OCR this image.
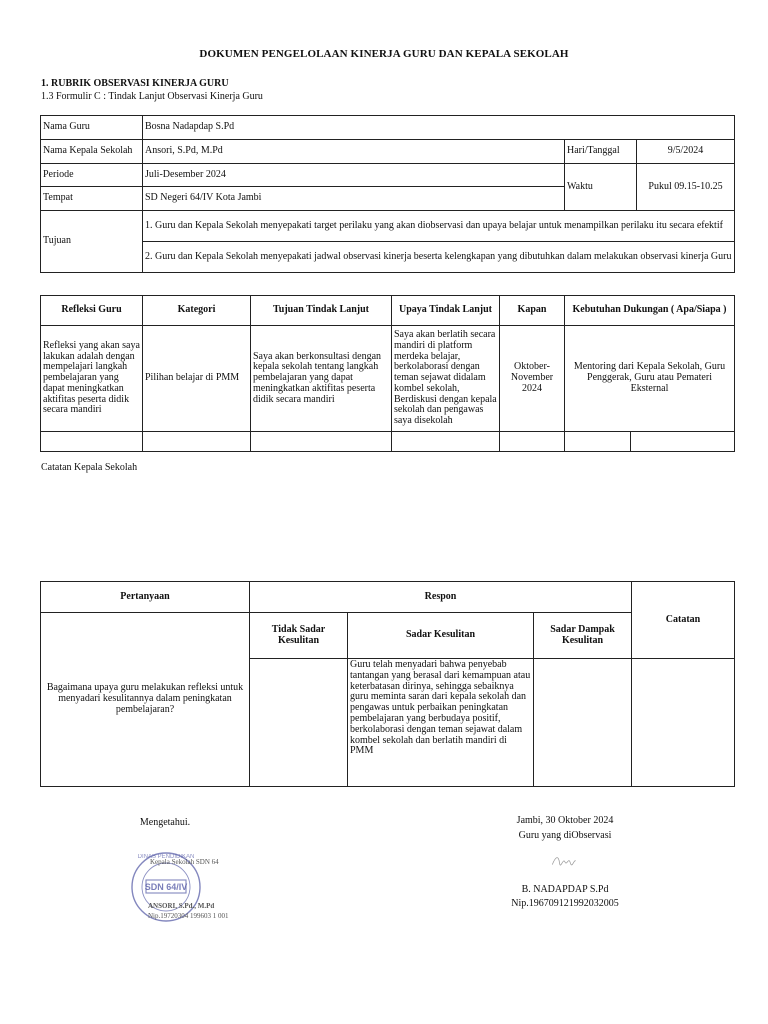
DOKUMEN PENGELOLAAN KINERJA GURU DAN KEPALA SEKOLAH
1. RUBRIK OBSERVASI KINERJA GURU
1.3 Formulir C : Tindak Lanjut Observasi Kinerja Guru
Nama Guru	Bosna Nadapdap S.Pd		
Nama Kepala Sekolah	Ansori, S.Pd, M.Pd	Hari/Tanggal	9/5/2024
Periode	Juli-Desember 2024	Waktu	Pukul 09.15-10.25
Tempat	SD Negeri 64/IV Kota Jambi		
Tujuan	1. Guru dan Kepala Sekolah menyepakati target perilaku yang akan diobservasi dan upaya belajar untuk menampilkan perilaku itu secara efektif		
	2. Guru dan Kepala Sekolah menyepakati jadwal observasi kinerja beserta kelengkapan yang dibutuhkan dalam melakukan observasi kinerja Guru		
Refleksi Guru	Kategori	Tujuan Tindak Lanjut	Upaya Tindak Lanjut	Kapan	Kebutuhan Dukungan ( Apa/Siapa )	
Refleksi yang akan saya lakukan adalah dengan mempelajari langkah pembelajaran yang dapat meningkatkan aktifitas peserta didik secara mandiri	Pilihan belajar di PMM	Saya akan berkonsultasi dengan kepala sekolah tentang langkah pembelajaran yang dapat meningkatkan aktifitas peserta didik secara mandiri	Saya akan berlatih secara mandiri di platform merdeka belajar, berkolaborasi dengan teman sejawat didalam kombel sekolah, Berdiskusi dengan kepala sekolah dan pengawas saya disekolah	Oktober-November 2024	Mentoring dari Kepala Sekolah, Guru Penggerak, Guru atau Pemateri Eksternal	

Catatan Kepala Sekolah
Pertanyaan	Respon			Catatan
Bagaimana upaya guru melakukan refleksi untuk menyadari kesulitannya dalam peningkatan pembelajaran?	Tidak Sadar Kesulitan	Sadar Kesulitan	Sadar Dampak Kesulitan	
		Guru telah menyadari bahwa penyebab tantangan yang berasal dari kemampuan atau keterbatasan dirinya, sehingga sebaiknya guru meminta saran dari kepala sekolah dan pengawas untuk perbaikan peningkatan pembelajaran yang berbudaya positif, berkolaborasi dengan teman sejawat dalam kombel sekolah dan berlatih mandiri di PMM		
Mengetahui.
SDN 64/IV
DINAS PENDIDIKAN
Kepala Sekolah SDN 64
ANSORI, S.Pd., M.Pd
Nip.19720304 199603 1 001
Jambi, 30 Oktober 2024
Guru yang diObservasi
B. NADAPDAP S.Pd
Nip.196709121992032005
